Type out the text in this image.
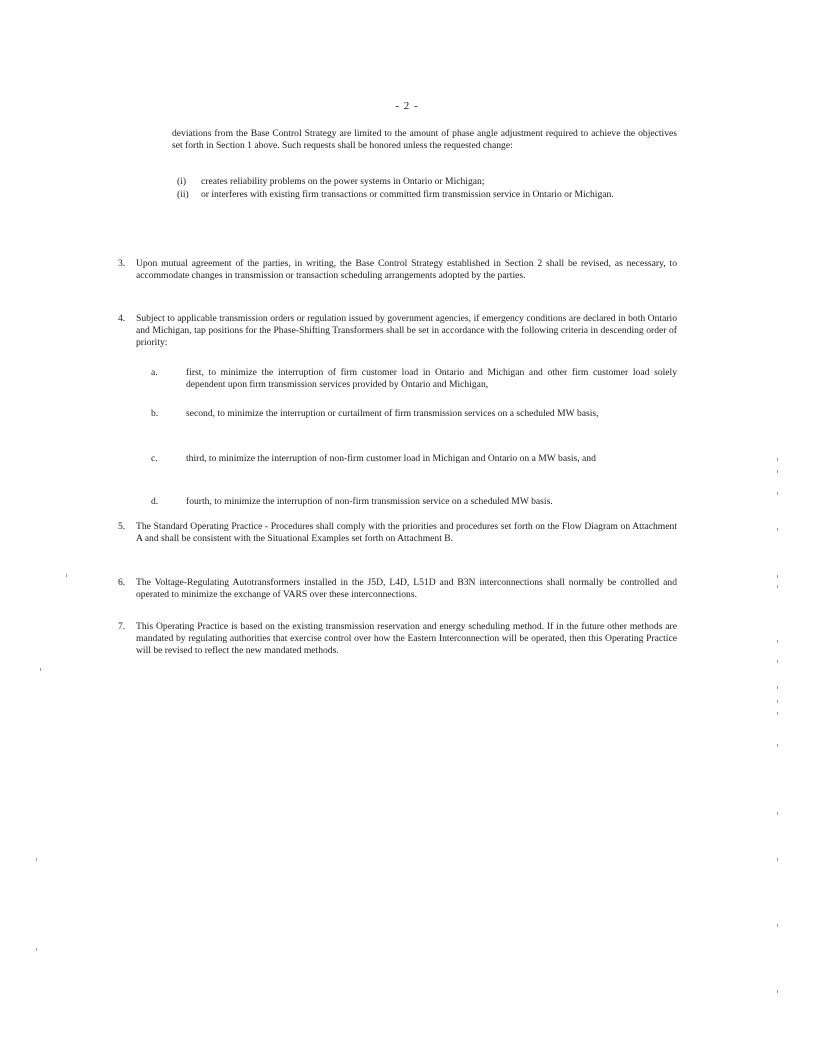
- 2 -

deviations from the Base Control Strategy are limited to the amount of phase angle adjustment required to achieve the objectives set forth in Section 1 above. Such requests shall be honored unless the requested change:

(i) creates reliability problems on the power systems in Ontario or Michigan;

(ii) or interferes with existing firm transactions or committed firm transmission service in Ontario or Michigan.

3. Upon mutual agreement of the parties, in writing, the Base Control Strategy established in Section 2 shall be revised, as necessary, to accommodate changes in transmission or transaction scheduling arrangements adopted by the parties.

4. Subject to applicable transmission orders or regulation issued by government agencies, if emergency conditions are declared in both Ontario and Michigan, tap positions for the Phase-Shifting Transformers shall be set in accordance with the following criteria in descending order of priority:

a.	first, to minimize the interruption of firm customer load in Ontario and Michigan and other firm customer load solely dependent upon firm transmission services provided by Ontario and Michigan,

b.	second, to minimize the interruption or curtailment of firm transmission services on a scheduled MW basis,

c.	third, to minimize the interruption of non-firm customer load in Michigan and Ontario on a MW basis, and

d.	fourth, to minimize the interruption of non-firm transmission service on a scheduled MW basis.

5. The Standard Operating Practice - Procedures shall comply with the priorities and procedures set forth on the Flow Diagram on Attachment A and shall be consistent with the Situational Examples set forth on Attachment B.

6. The Voltage-Regulating Autotransformers installed in the J5D, L4D, L51D and B3N interconnections shall normally be controlled and operated to minimize the exchange of VARS over these interconnections.

7. This Operating Practice is based on the existing transmission reservation and energy scheduling method. If in the future other methods are mandated by regulating authorities that exercise control over how the Eastern Interconnection will be operated, then this Operating Practice will be revised to reflect the new mandated methods.
